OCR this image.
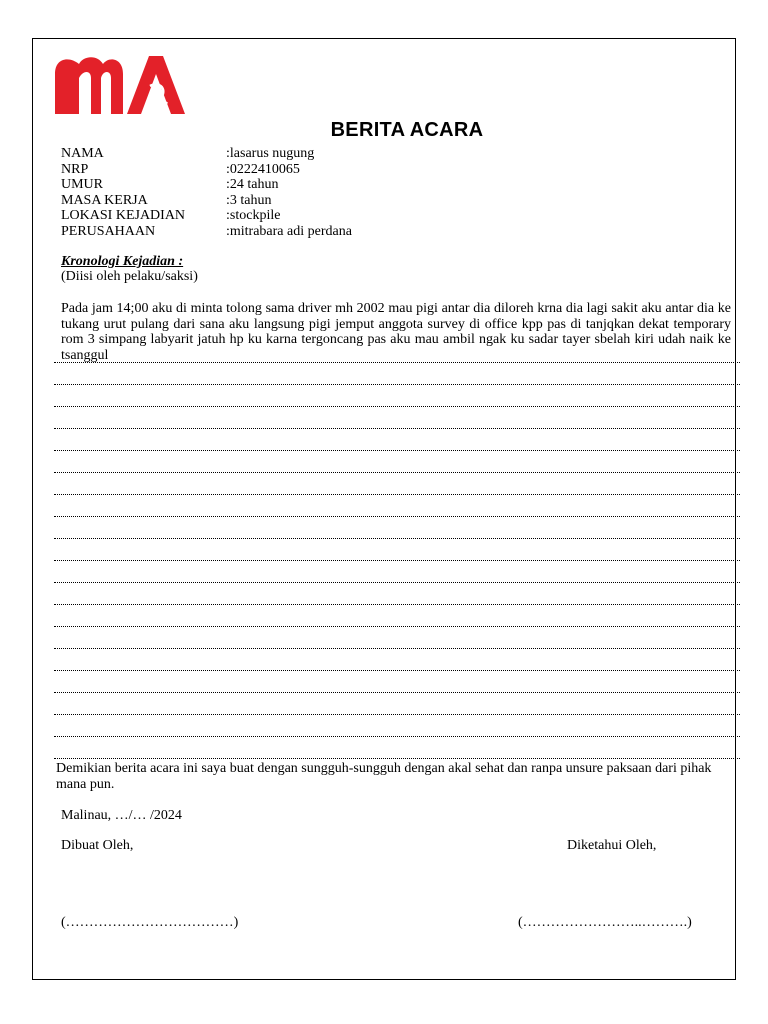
BERITA ACARA
NAMA	:lasarus nugung
NRP	:0222410065
UMUR	:24 tahun
MASA KERJA	:3 tahun
LOKASI KEJADIAN	:stockpile
PERUSAHAAN	:mitrabara adi perdana
Kronologi Kejadian :
(Diisi oleh pelaku/saksi)
Pada jam 14;00 aku di minta tolong sama driver mh 2002 mau pigi antar dia diloreh krna dia lagi sakit aku antar dia ke tukang urut pulang dari sana aku langsung pigi jemput anggota survey di office kpp pas di tanjqkan dekat temporary rom 3 simpang labyarit jatuh hp ku karna tergoncang pas aku mau ambil ngak ku sadar tayer sbelah kiri udah naik ke tsanggul
Demikian berita acara ini saya buat dengan sungguh-sungguh dengan akal sehat dan ranpa unsure paksaan dari pihak mana pun.
Malinau, …/… /2024
Dibuat Oleh,	Diketahui Oleh,
(………………………………)	(……………………..……….)
